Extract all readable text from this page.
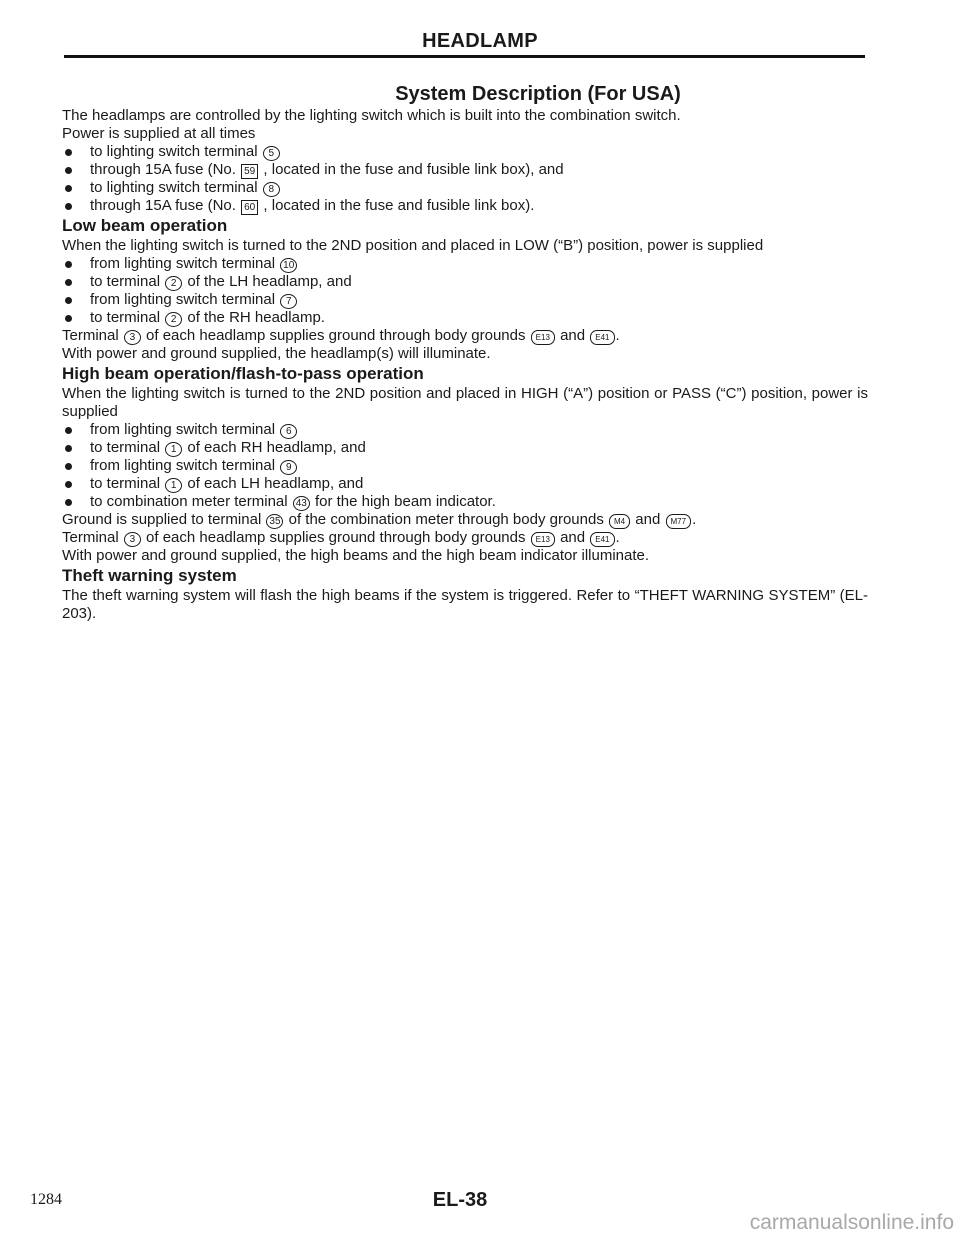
HEADLAMP
System Description (For USA)

The headlamps are controlled by the lighting switch which is built into the combination switch.

Power is supplied at all times

to lighting switch terminal 5

through 15A fuse (No. 59 , located in the fuse and fusible link box), and

to lighting switch terminal 8

through 15A fuse (No. 60 , located in the fuse and fusible link box).

Low beam operation

When the lighting switch is turned to the 2ND position and placed in LOW (“B”) position, power is supplied

from lighting switch terminal 10

to terminal 2 of the LH headlamp, and

from lighting switch terminal 7

to terminal 2 of the RH headlamp.

Terminal 3 of each headlamp supplies ground through body grounds E13 and E41 .

With power and ground supplied, the headlamp(s) will illuminate.

High beam operation/flash-to-pass operation

When the lighting switch is turned to the 2ND position and placed in HIGH (“A”) position or PASS (“C”) position, power is supplied

from lighting switch terminal 6

to terminal 1 of each RH headlamp, and

from lighting switch terminal 9

to terminal 1 of each LH headlamp, and

to combination meter terminal 43 for the high beam indicator.

Ground is supplied to terminal 35 of the combination meter through body grounds M4 and M77 .

Terminal 3 of each headlamp supplies ground through body grounds E13 and E41 .

With power and ground supplied, the high beams and the high beam indicator illuminate.

Theft warning system

The theft warning system will flash the high beams if the system is triggered. Refer to “THEFT WARNING SYSTEM” (EL-203).

1284	EL-38
carmanualsonline.info
